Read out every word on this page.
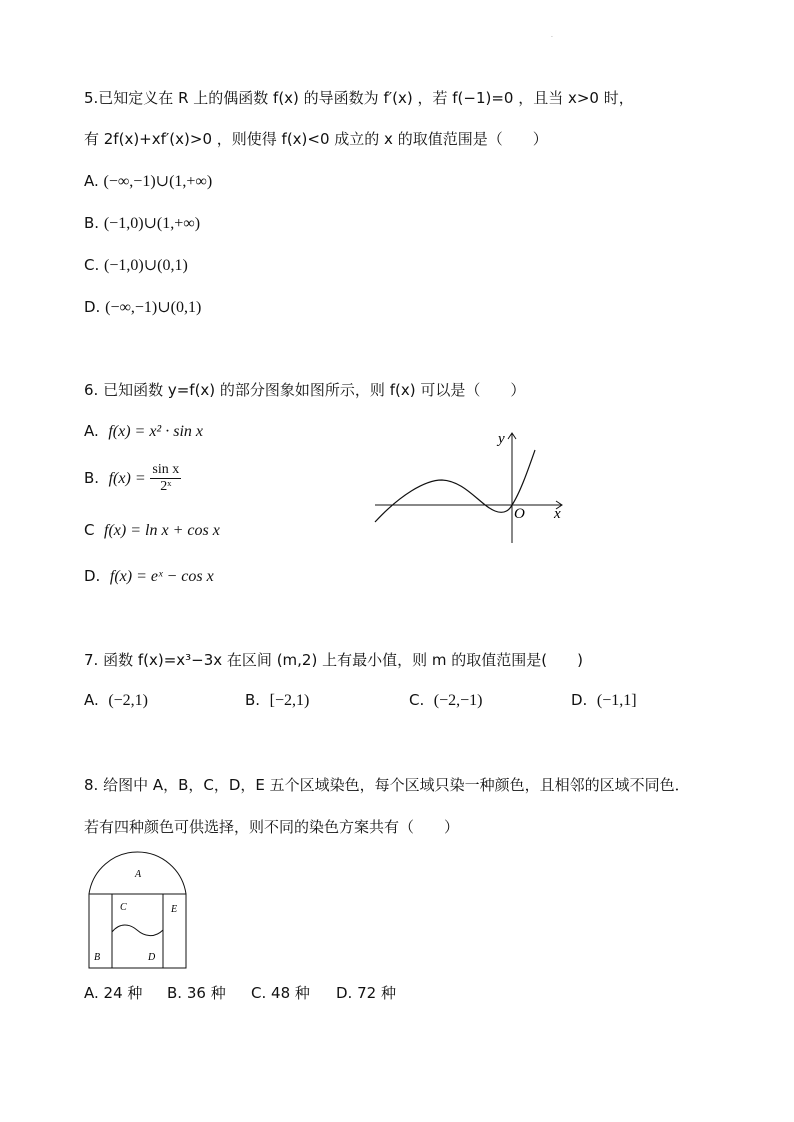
.
5.已知定义在 R 上的偶函数 f(x) 的导函数为 f′(x) ，若 f(−1)=0 ，且当 x>0 时，
有 2f(x)+xf′(x)>0 ，则使得 f(x)<0 成立的 x 的取值范围是（　　）
A. (−∞,−1)∪(1,+∞)
B. (−1,0)∪(1,+∞)
C. (−1,0)∪(0,1)
D. (−∞,−1)∪(0,1)
6. 已知函数 y=f(x) 的部分图象如图所示，则 f(x) 可以是（　　）
A. f(x) = x² · sin x
B. $f(x) = \frac{\text{sin x}}{\text{2ˣ}}$
C f(x) = ln x + cos x
D. f(x) = eˣ − cos x
y
x
O
7. 函数 f(x)=x³−3x 在区间 (m,2) 上有最小值，则 m 的取值范围是(　　)
A. (−2,1)	B. [−2,1)	C. (−2,−1)	D. (−1,1]
8. 给图中 A，B，C，D，E 五个区域染色，每个区域只染一种颜色，且相邻的区域不同色．
若有四种颜色可供选择，则不同的染色方案共有（　　）
A
B
C
D
E
A. 24 种 B. 36 种 C. 48 种 D. 72 种
